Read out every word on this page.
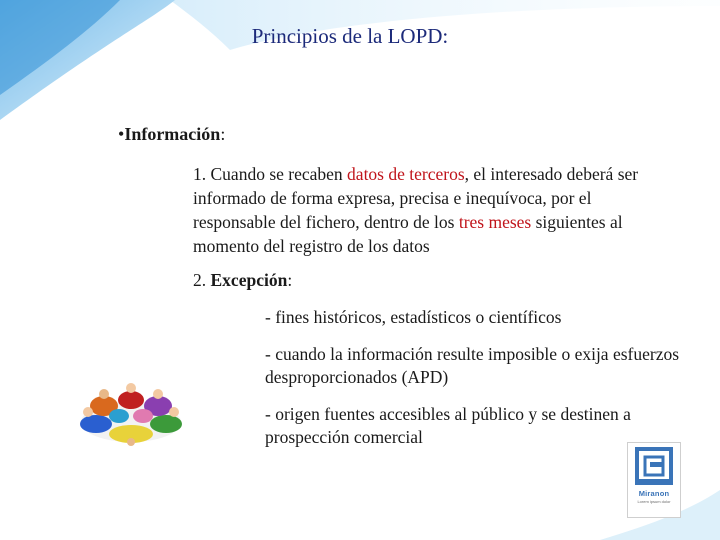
Principios de la LOPD:
•Información:
1. Cuando se recaben datos de terceros, el interesado deberá ser informado de forma expresa, precisa e inequívoca, por el responsable del fichero, dentro de los tres meses siguientes al momento del registro de los datos
2. Excepción:
- fines históricos, estadísticos o científicos
- cuando la información resulte imposible o exija esfuerzos desproporcionados (APD)
- origen fuentes accesibles al público y se destinen a prospección comercial
Miranon
Lorem ipsum dolor
